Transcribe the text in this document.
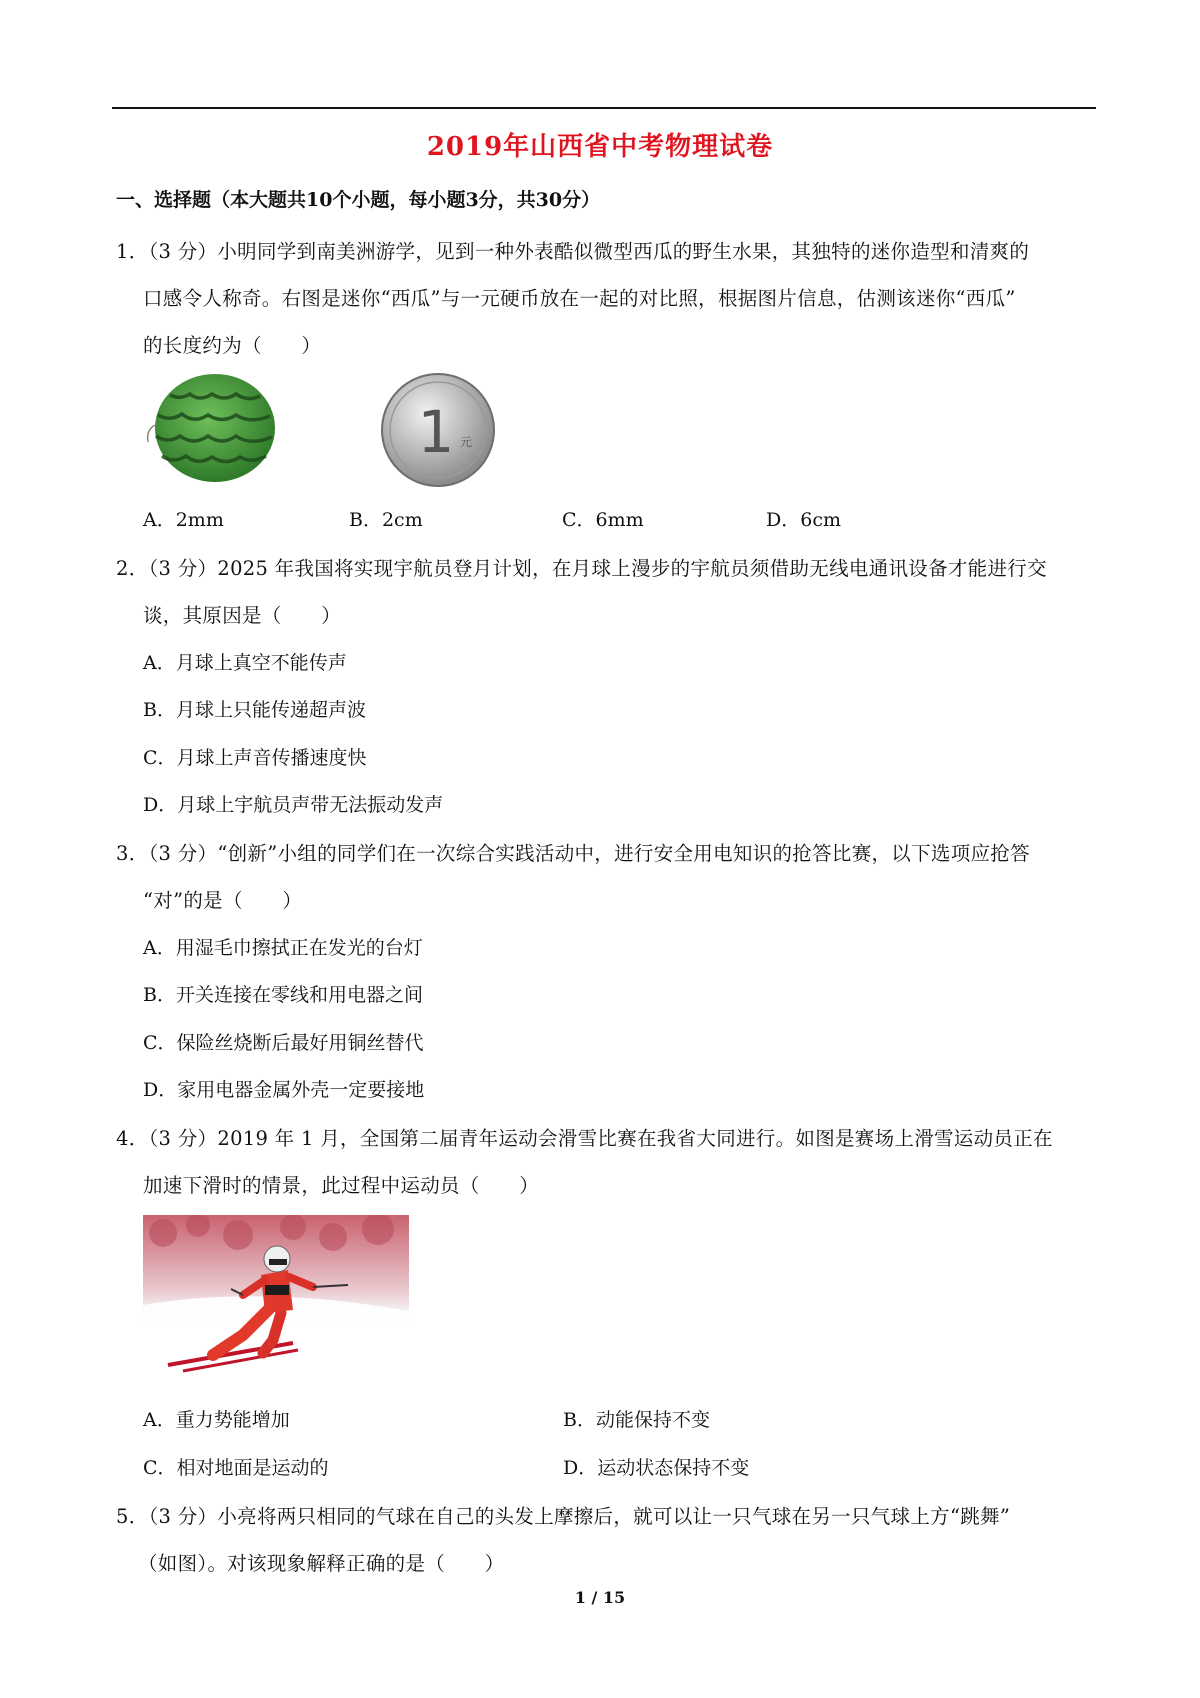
2019年山西省中考物理试卷
一、选择题（本大题共10个小题，每小题3分，共30分）
1．（3 分）小明同学到南美洲游学，见到一种外表酷似微型西瓜的野生水果，其独特的迷你造型和清爽的
口感令人称奇。右图是迷你“西瓜”与一元硬币放在一起的对比照，根据图片信息，估测该迷你“西瓜”
的长度约为（　　）
1 元
A．2mm	B．2cm	C．6mm	D．6cm
2．（3 分）2025 年我国将实现宇航员登月计划，在月球上漫步的宇航员须借助无线电通讯设备才能进行交
谈，其原因是（　　）
A．月球上真空不能传声
B．月球上只能传递超声波
C．月球上声音传播速度快
D．月球上宇航员声带无法振动发声
3．（3 分）“创新”小组的同学们在一次综合实践活动中，进行安全用电知识的抢答比赛，以下选项应抢答
“对”的是（　　）
A．用湿毛巾擦拭正在发光的台灯
B．开关连接在零线和用电器之间
C．保险丝烧断后最好用铜丝替代
D．家用电器金属外壳一定要接地
4．（3 分）2019 年 1 月，全国第二届青年运动会滑雪比赛在我省大同进行。如图是赛场上滑雪运动员正在
加速下滑时的情景，此过程中运动员（　　）
A．重力势能增加	B．动能保持不变
C．相对地面是运动的	D．运动状态保持不变
5．（3 分）小亮将两只相同的气球在自己的头发上摩擦后，就可以让一只气球在另一只气球上方“跳舞”
（如图）。对该现象解释正确的是（　　）
1 / 15
